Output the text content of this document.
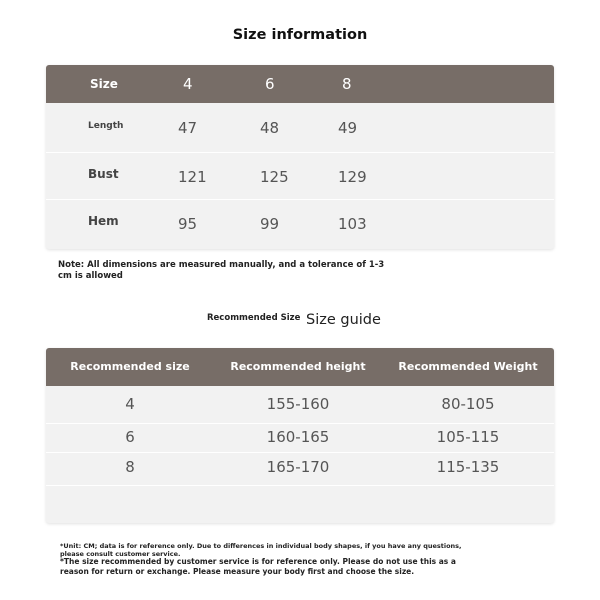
Size information
Size	4	6	8
Length	47	48	49
Bust	121	125	129
Hem	95	99	103
Note: All dimensions are measured manually, and a tolerance of 1-3 cm is allowed
Recommended Size Size guide
Recommended size	Recommended height	Recommended Weight
4	155-160	80-105
6	160-165	105-115
8	165-170	115-135
*Unit: CM; data is for reference only. Due to differences in individual body shapes, if you have any questions, please consult customer service.
*The size recommended by customer service is for reference only. Please do not use this as a reason for return or exchange. Please measure your body first and choose the size.
